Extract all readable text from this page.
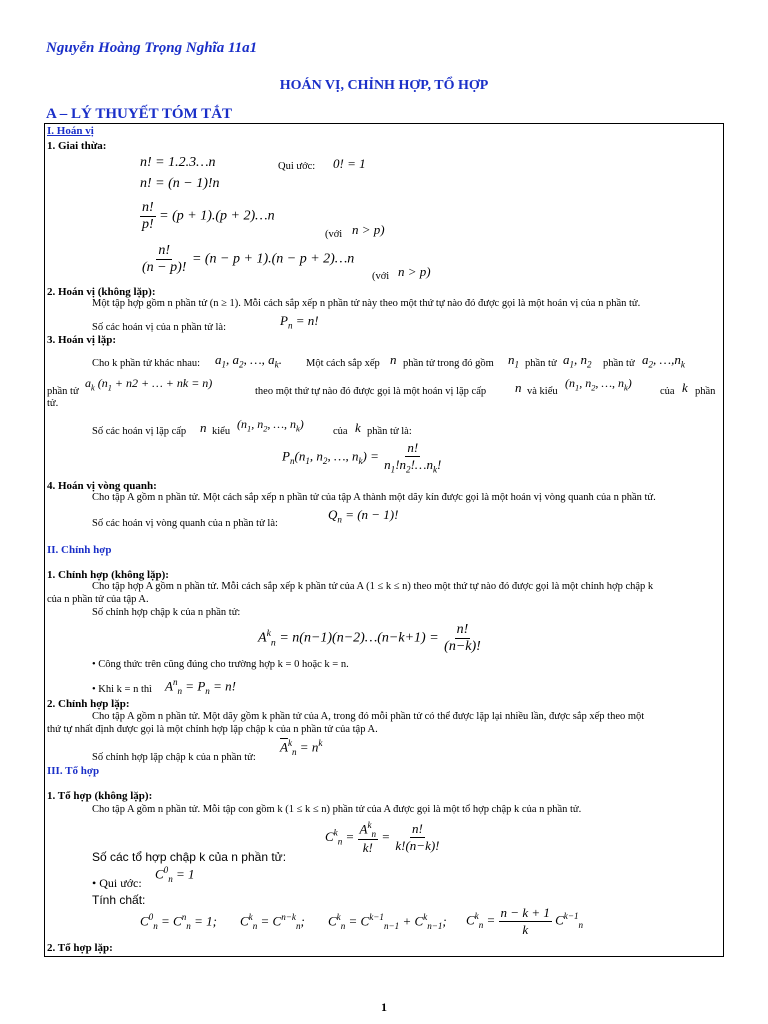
Nguyễn Hoàng Trọng Nghĩa 11a1
HOÁN VỊ, CHỈNH HỢP, TỔ HỢP
A – LÝ THUYẾT TÓM TẮT
I. Hoán vị
1. Giai thừa:
n! = 1.2.3…n	Qui ước: 0! = 1
n! = (n − 1)!n
$\frac{n!}{p!} = (p + 1).(p$ + 2)…n
(với n > p)
$\frac{n!}{(n - p)!} = (n - p + 1).(n - p$ + 2)…n
(với n > p)
2. Hoán vị (không lặp):
Một tập hợp gồm n phần tử (n ≥ 1). Mỗi cách sắp xếp n phần tử này theo một thứ tự nào đó được gọi là một hoán vị của n phần tử.
$P_n = n$!
Số các hoán vị của n phần tử là:
3. Hoán vị lặp:
Cho k phần tử khác nhau: $a_1$, $a_2$, …, $a_k$. Một cách sắp xếp n phần tử trong đó gồm $n_1$ phần tử $a_1$, $n_2$ phần tử $a_2$, $\dots,n_k$
phần tử
$a_k$ ($n_1 + n2$ + … + nk = n)
theo một thứ tự nào đó được gọi là một hoán vị lặp cấp n và kiểu
($n_1$, $n_2$, …, $n_k$)
của k phần
tử.
Số các hoán vị lặp cấp n kiểu
($n_1$, $n_2$, …, $n_k$)
của k phần tử là:
$P_n(n_1$, $n_2$, …, $n_k) = \frac{n!}{n_1!n_2!\dots n_k!}$
4. Hoán vị vòng quanh:
Cho tập A gồm n phần tử. Một cách sắp xếp n phần tử của tập A thành một dãy kín được gọi là một hoán vị vòng quanh của n phần tử.
Số các hoán vị vòng quanh của n phần tử là:
$Q_n = (n - 1)$!
II. Chỉnh hợp
1. Chỉnh hợp (không lặp):
Cho tập hợp A gồm n phần tử. Mỗi cách sắp xếp k phần tử của A (1 ≤ k ≤ n) theo một thứ tự nào đó được gọi là một chỉnh hợp chập k
của n phần tử của tập A.
Số chỉnh hợp chập k của n phần tử:
$A^k_n$ = n(n−1)(n−2)…(n−k+1) = $\frac{n!}{(n-k)!}$
• Công thức trên cũng đúng cho trường hợp k = 0 hoặc k = n.
• Khi k = n thì $A^n_n = P_n = n$!
2. Chỉnh hợp lặp:
Cho tập A gồm n phần tử. Một dãy gồm k phần tử của A, trong đó mỗi phần tử có thể được lặp lại nhiều lần, được sắp xếp theo một
thứ tự nhất định được gọi là một chỉnh hợp lặp chập k của n phần tử của tập A.
Số chỉnh hợp lặp chập k của n phần tử:
$\overline{A}^k_n = n^k$
III. Tổ hợp
1. Tổ hợp (không lặp):
Cho tập A gồm n phần tử. Mỗi tập con gồm k (1 ≤ k ≤ n) phần tử của A được gọi là một tổ hợp chập k của n phần tử.
$C^k_n = \frac{A^k_n}{k!} = \frac{n!}{k!(n-k)!}$
Số các tổ hợp chập k của n phần tử:
• Qui ước:
$C^0_n = 1$
Tính chất:
$C^0_n = C^n_n = 1$; $C^k_n = C^{n-k}_n$; $C^k_n = C^{k-1}_{n-1} + C^k_{n-1}$; $C^k_n = \frac{n - k + 1}{k} C^{k-1}_n$
2. Tổ hợp lặp:
1
